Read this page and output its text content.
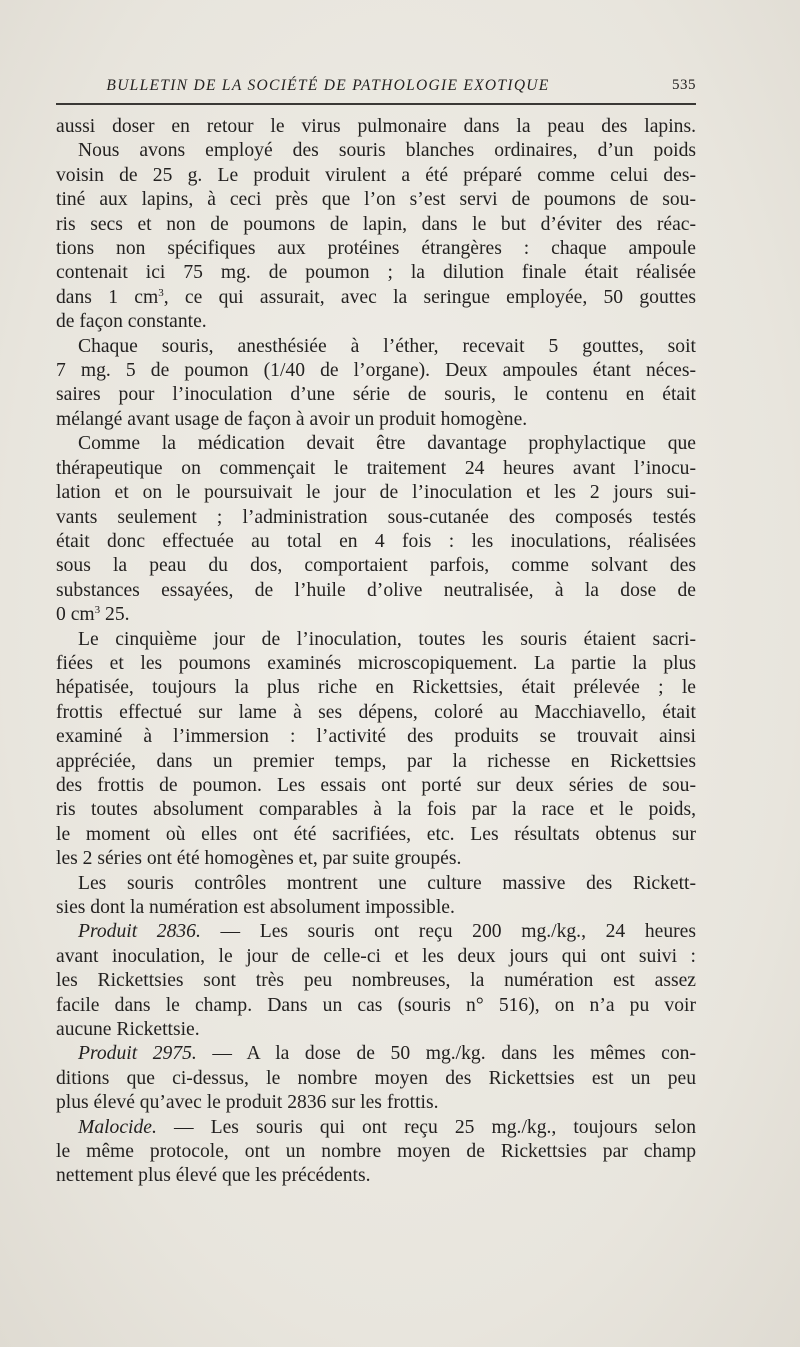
BULLETIN DE LA SOCIÉTÉ DE PATHOLOGIE EXOTIQUE	535

aussi doser en retour le virus pulmonaire dans la peau des lapins.

Nous avons employé des souris blanches ordinaires, d’un poids

voisin de 25 g. Le produit virulent a été préparé comme celui des-

tiné aux lapins, à ceci près que l’on s’est servi de poumons de sou-

ris secs et non de poumons de lapin, dans le but d’éviter des réac-

tions non spécifiques aux protéines étrangères : chaque ampoule

contenait ici 75 mg. de poumon ; la dilution finale était réalisée

dans 1 $cm^3$, ce qui assurait, avec la seringue employée, 50 gouttes

de façon constante.

Chaque souris, anesthésiée à l’éther, recevait 5 gouttes, soit

7 mg. 5 de poumon (1/40 de l’organe). Deux ampoules étant néces-

saires pour l’inoculation d’une série de souris, le contenu en était

mélangé avant usage de façon à avoir un produit homogène.

Comme la médication devait être davantage prophylactique que

thérapeutique on commençait le traitement 24 heures avant l’inocu-

lation et on le poursuivait le jour de l’inoculation et les 2 jours sui-

vants seulement ; l’administration sous-cutanée des composés testés

était donc effectuée au total en 4 fois : les inoculations, réalisées

sous la peau du dos, comportaient parfois, comme solvant des

substances essayées, de l’huile d’olive neutralisée, à la dose de

0 $cm^3$ 25.

Le cinquième jour de l’inoculation, toutes les souris étaient sacri-

fiées et les poumons examinés microscopiquement. La partie la plus

hépatisée, toujours la plus riche en Rickettsies, était prélevée ; le

frottis effectué sur lame à ses dépens, coloré au Macchiavello, était

examiné à l’immersion : l’activité des produits se trouvait ainsi

appréciée, dans un premier temps, par la richesse en Rickettsies

des frottis de poumon. Les essais ont porté sur deux séries de sou-

ris toutes absolument comparables à la fois par la race et le poids,

le moment où elles ont été sacrifiées, etc. Les résultats obtenus sur

les 2 séries ont été homogènes et, par suite groupés.

Les souris contrôles montrent une culture massive des Rickett-

sies dont la numération est absolument impossible.

Produit 2836. — Les souris ont reçu 200 mg./kg., 24 heures

avant inoculation, le jour de celle-ci et les deux jours qui ont suivi :

les Rickettsies sont très peu nombreuses, la numération est assez

facile dans le champ. Dans un cas (souris n° 516), on n’a pu voir

aucune Rickettsie.

Produit 2975. — A la dose de 50 mg./kg. dans les mêmes con-

ditions que ci-dessus, le nombre moyen des Rickettsies est un peu

plus élevé qu’avec le produit 2836 sur les frottis.

Malocide. — Les souris qui ont reçu 25 mg./kg., toujours selon

le même protocole, ont un nombre moyen de Rickettsies par champ

nettement plus élevé que les précédents.
